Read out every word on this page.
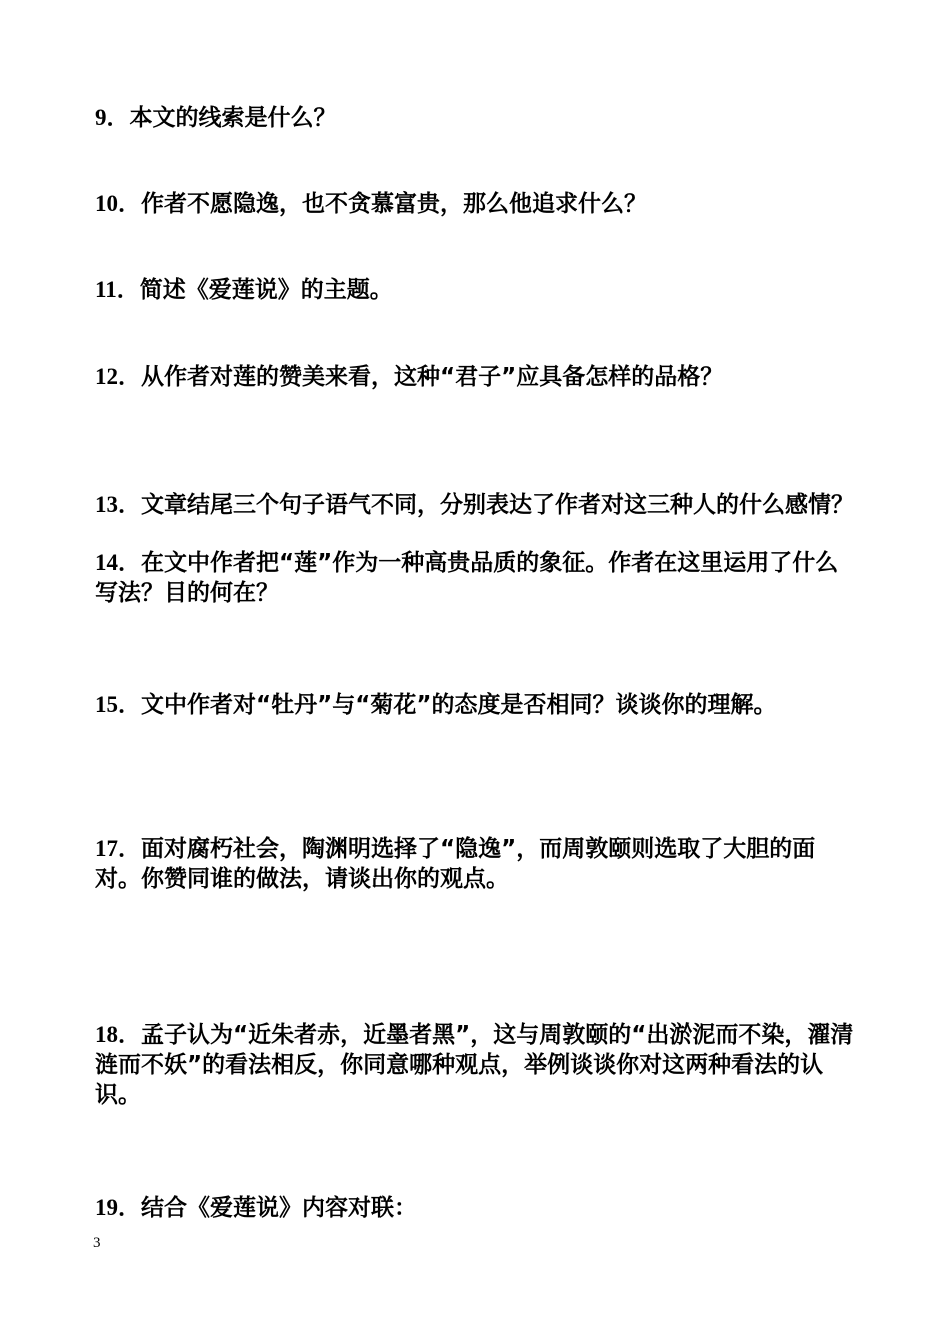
9．本文的线索是什么？

10．作者不愿隐逸，也不贪慕富贵，那么他追求什么？

11．简述《爱莲说》的主题。

12．从作者对莲的赞美来看，这种“君子”应具备怎样的品格？

13．文章结尾三个句子语气不同，分别表达了作者对这三种人的什么感情？

14．在文中作者把“莲”作为一种高贵品质的象征。作者在这里运用了什么写法？目的何在？

15．文中作者对“牡丹”与“菊花”的态度是否相同？谈谈你的理解。

17．面对腐朽社会，陶渊明选择了“隐逸”，而周敦颐则选取了大胆的面对。你赞同谁的做法，请谈出你的观点。

18．孟子认为“近朱者赤，近墨者黑”，这与周敦颐的“出淤泥而不染，濯清涟而不妖”的看法相反，你同意哪种观点，举例谈谈你对这两种看法的认识。

19．结合《爱莲说》内容对联：

3
